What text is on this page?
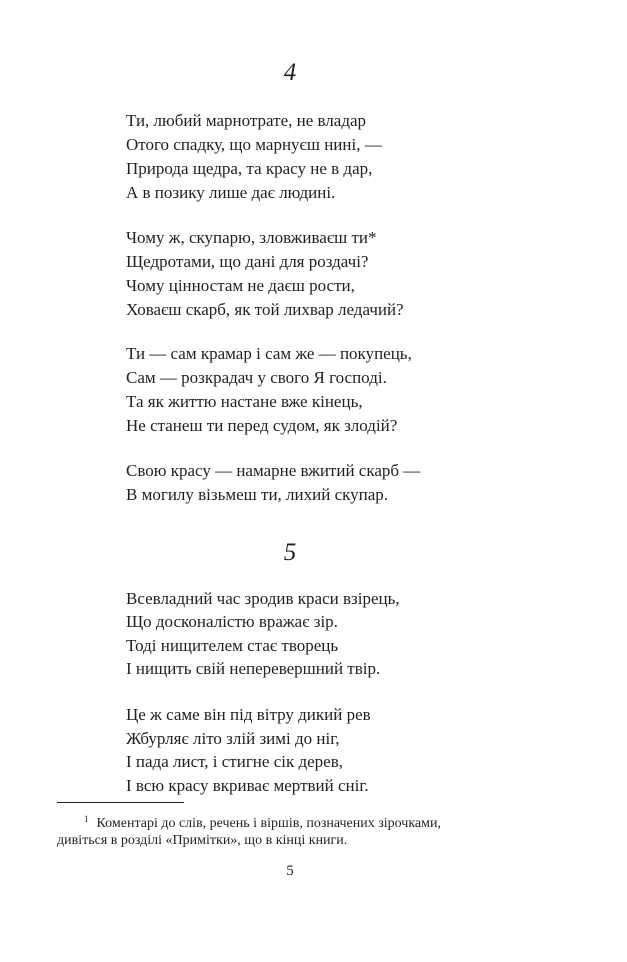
4
Ти, любий марнотрате, не владар
Отого спадку, що марнуєш нині, —
Природа щедра, та красу не в дар,
А в позику лише дає людині.
Чому ж, скупарю, зловживаєш ти*
Щедротами, що дані для роздачі?
Чому цінностам не даєш рости,
Ховаєш скарб, як той лихвар ледачий?
Ти — сам крамар і сам же — покупець,
Сам — розкрадач у свого Я господі.
Та як життю настане вже кінець,
Не станеш ти перед судом, як злодій?
Свою красу — намарне вжитий скарб —
В могилу візьмеш ти, лихий скупар.
5
Всевладний час зродив краси взірець,
Що досконалістю вражає зір.
Тоді нищителем стає творець
І нищить свій неперевершний твір.
Це ж саме він під вітру дикий рев
Жбурляє літо злій зимі до ніг,
І пада лист, і стигне сік дерев,
І всю красу вкриває мертвий сніг.
$^1$ Коментарі до слів, речень і віршів, позначених зірочками,
дивіться в розділі «Примітки», що в кінці книги.
5
